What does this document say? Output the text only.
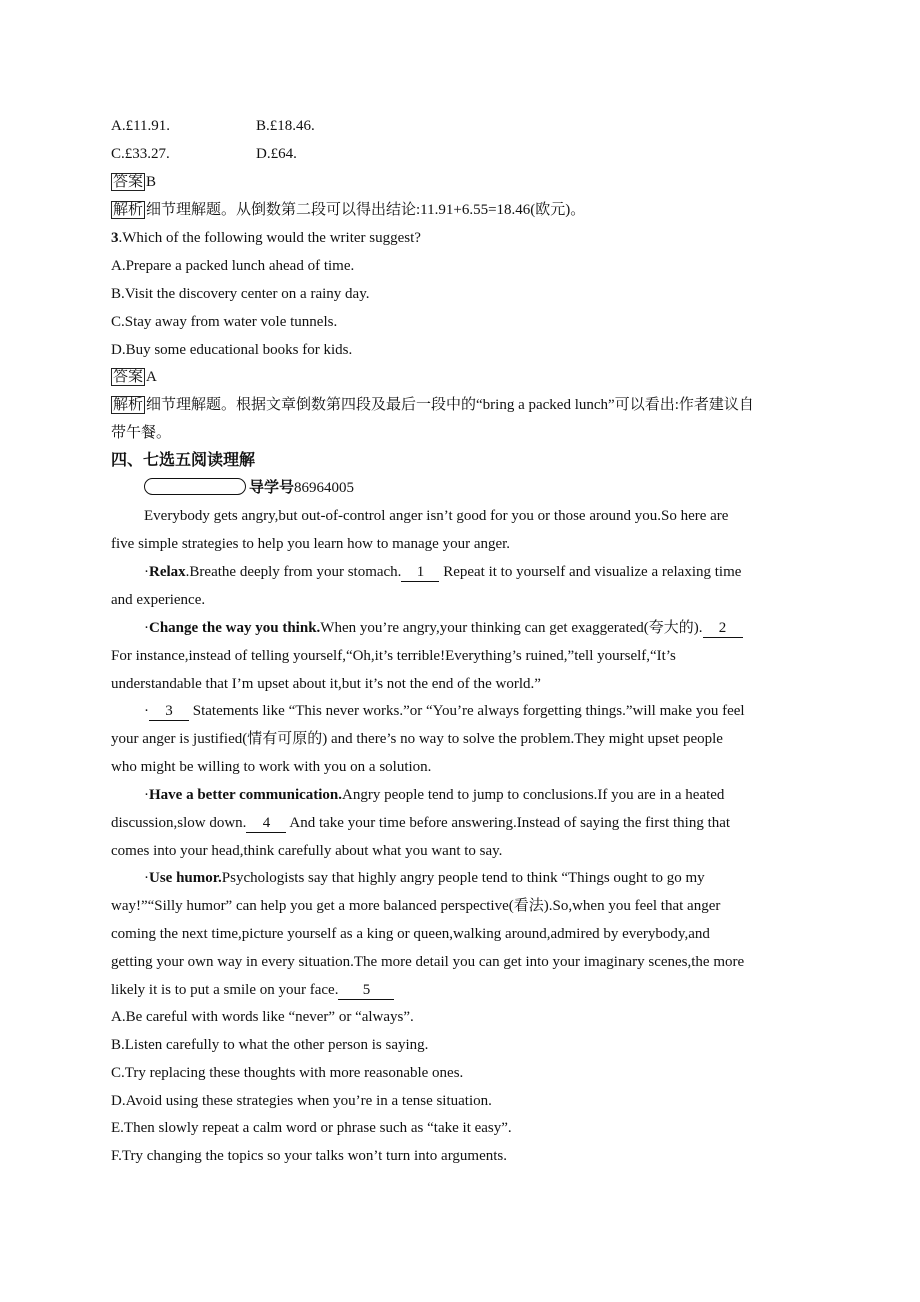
A.£11.91.	B.£18.46.
C.£33.27.	D.£64.
答案 B
解析 细节理解题。从倒数第二段可以得出结论:11.91+6.55=18.46(欧元)。
3.Which of the following would the writer suggest?
A.Prepare a packed lunch ahead of time.
B.Visit the discovery center on a rainy day.
C.Stay away from water vole tunnels.
D.Buy some educational books for kids.
答案 A
解析 细节理解题。根据文章倒数第四段及最后一段中的“bring a packed lunch”可以看出:作者建议自
带午餐。
四、七选五阅读理解
导学号86964005
Everybody gets angry,but out-of-control anger isn’t good for you or those around you.So here are
five simple strategies to help you learn how to manage your anger.
·Relax.Breathe deeply from your stomach. 1 Repeat it to yourself and visualize a relaxing time
and experience.
·Change the way you think.When you’re angry,your thinking can get exaggerated(夸大的). 2
For instance,instead of telling yourself,“Oh,it’s terrible!Everything’s ruined,”tell yourself,“It’s
understandable that I’m upset about it,but it’s not the end of the world.”
· 3 Statements like “This never works.”or “You’re always forgetting things.”will make you feel
your anger is justified(情有可原的) and there’s no way to solve the problem.They might upset people
who might be willing to work with you on a solution.
·Have a better communication.Angry people tend to jump to conclusions.If you are in a heated
discussion,slow down. 4 And take your time before answering.Instead of saying the first thing that
comes into your head,think carefully about what you want to say.
·Use humor.Psychologists say that highly angry people tend to think “Things ought to go my
way!”“Silly humor” can help you get a more balanced perspective(看法).So,when you feel that anger
coming the next time,picture yourself as a king or queen,walking around,admired by everybody,and
getting your own way in every situation.The more detail you can get into your imaginary scenes,the more
likely it is to put a smile on your face. 5
A.Be careful with words like “never” or “always”.
B.Listen carefully to what the other person is saying.
C.Try replacing these thoughts with more reasonable ones.
D.Avoid using these strategies when you’re in a tense situation.
E.Then slowly repeat a calm word or phrase such as “take it easy”.
F.Try changing the topics so your talks won’t turn into arguments.
